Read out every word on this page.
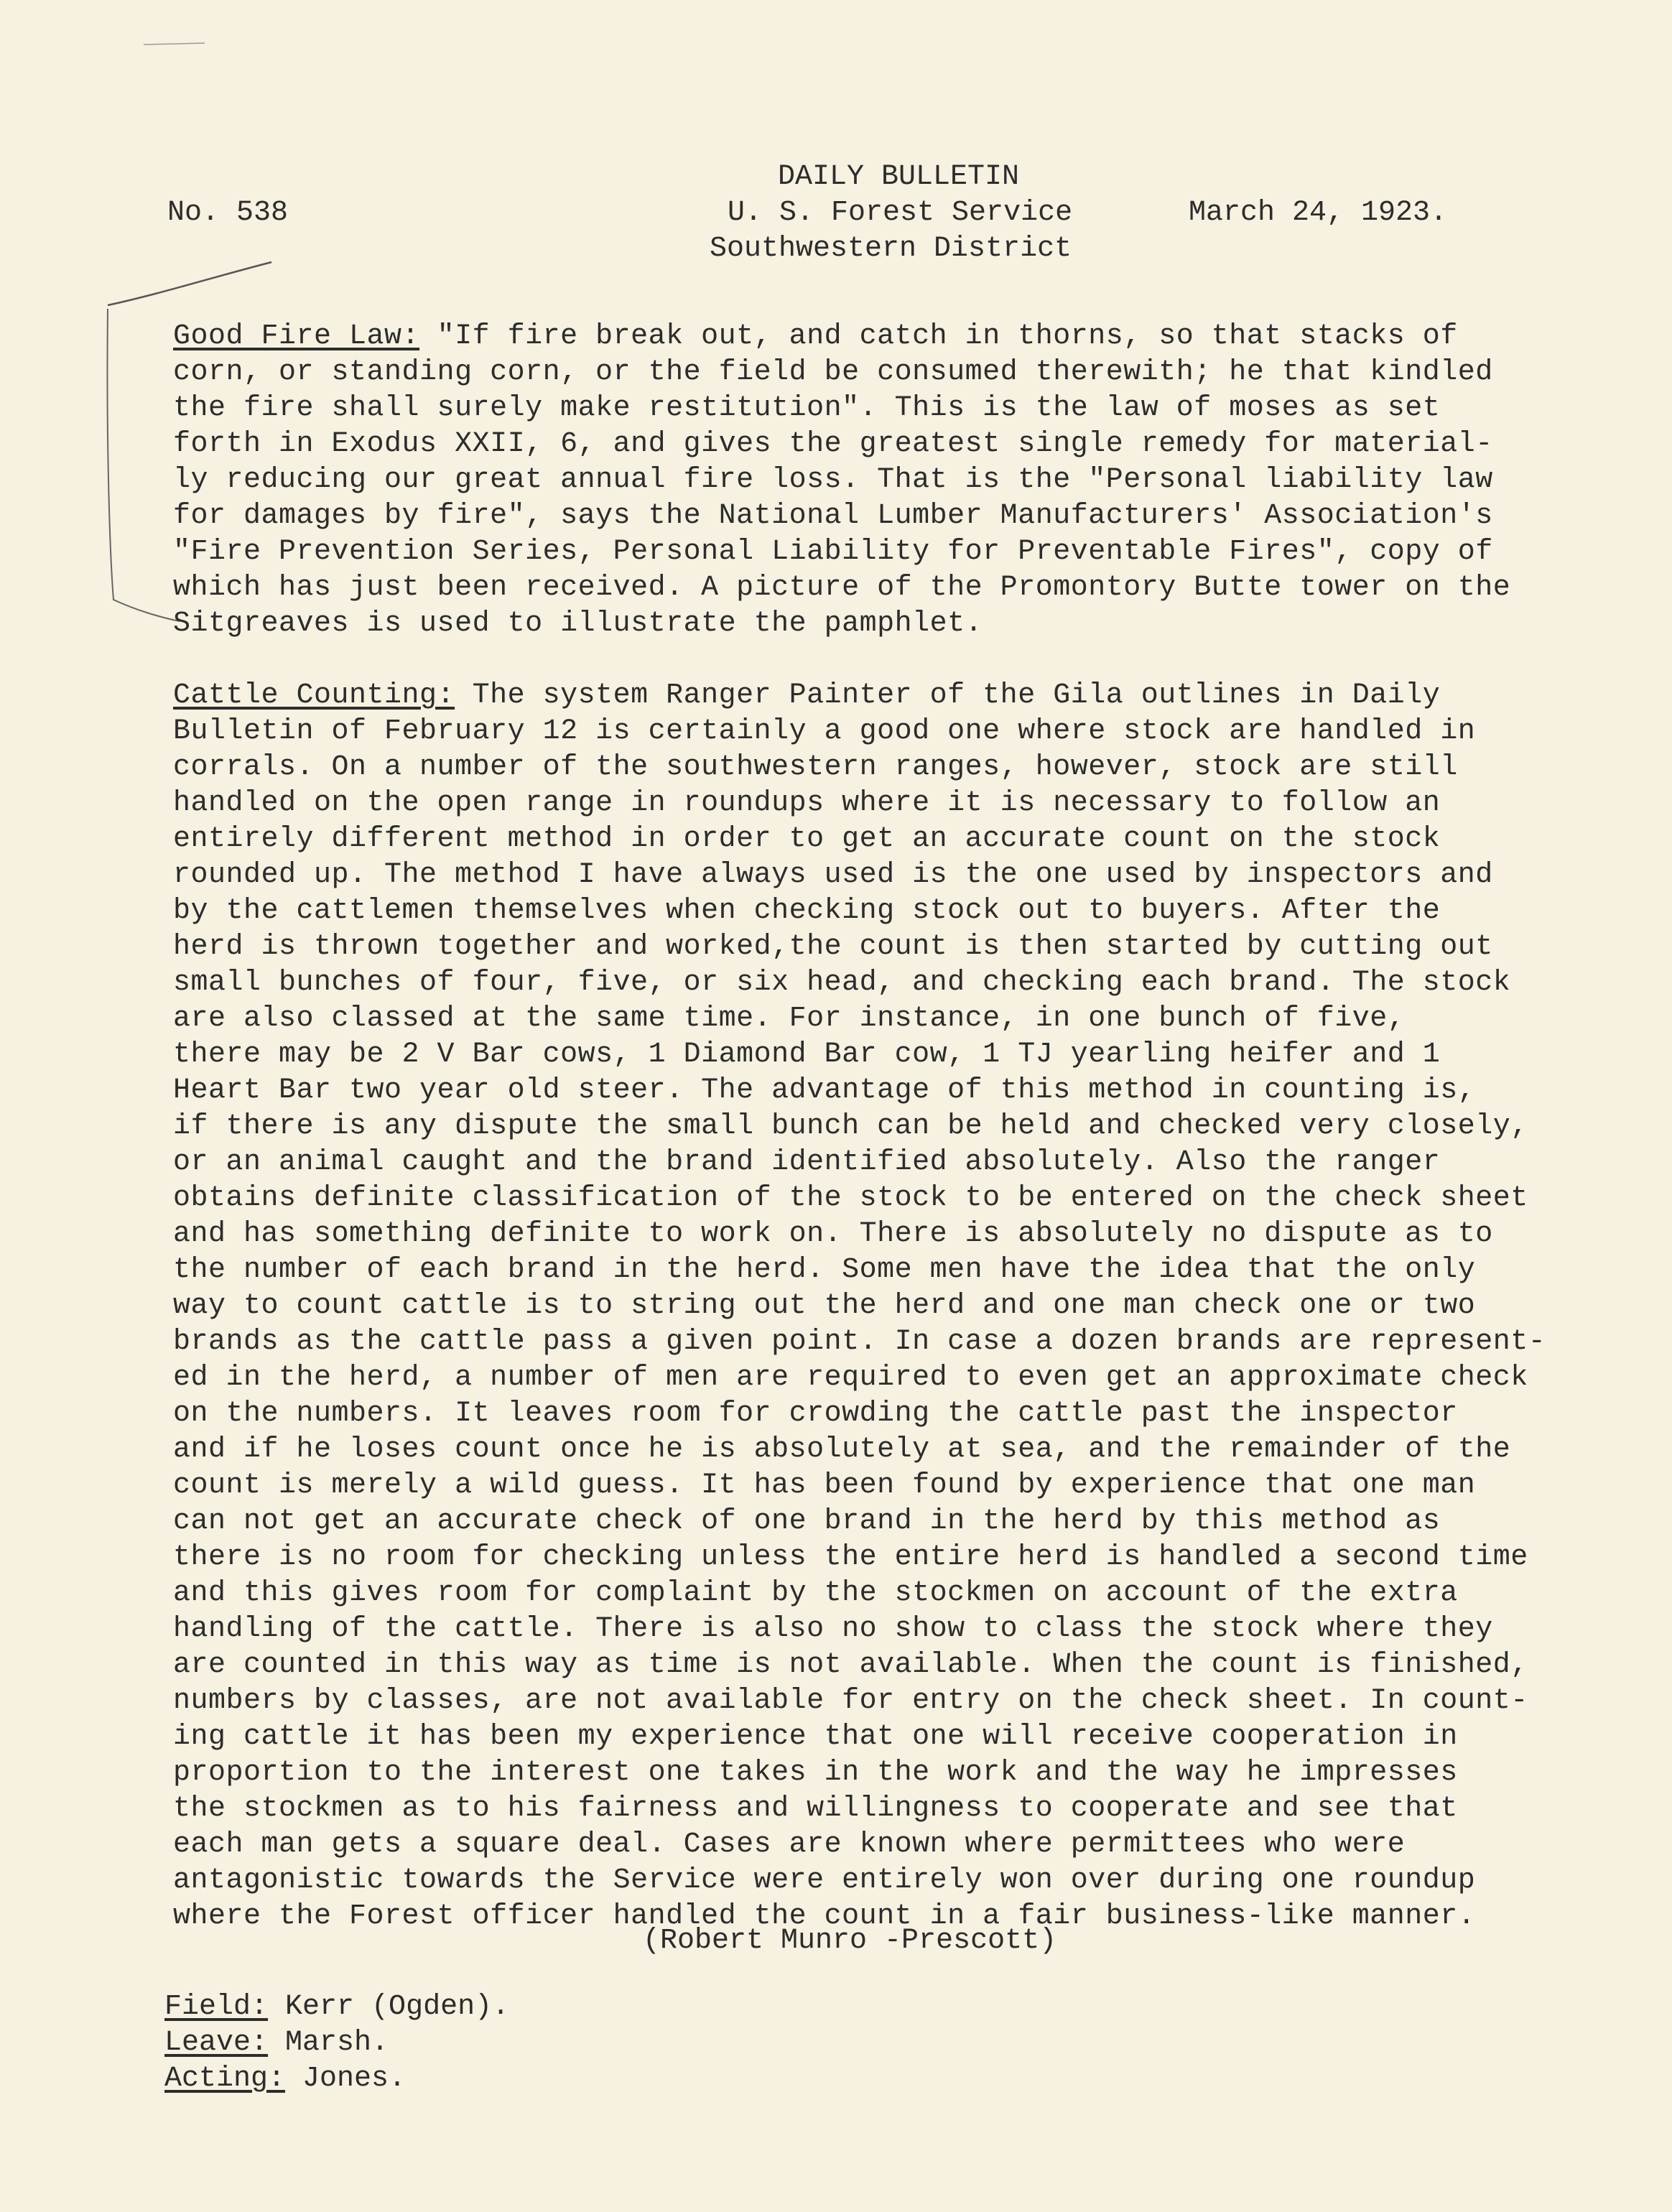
DAILY BULLETIN
No. 538	U. S. Forest Service	March 24, 1923.
Southwestern District
Good Fire Law: "If fire break out, and catch in thorns, so that stacks of
corn, or standing corn, or the field be consumed therewith; he that kindled
the fire shall surely make restitution". This is the law of moses as set
forth in Exodus XXII, 6, and gives the greatest single remedy for material-
ly reducing our great annual fire loss. That is the "Personal liability law
for damages by fire", says the National Lumber Manufacturers' Association's
"Fire Prevention Series, Personal Liability for Preventable Fires", copy of
which has just been received. A picture of the Promontory Butte tower on the
Sitgreaves is used to illustrate the pamphlet.
Cattle Counting: The system Ranger Painter of the Gila outlines in Daily
Bulletin of February 12 is certainly a good one where stock are handled in
corrals. On a number of the southwestern ranges, however, stock are still
handled on the open range in roundups where it is necessary to follow an
entirely different method in order to get an accurate count on the stock
rounded up. The method I have always used is the one used by inspectors and
by the cattlemen themselves when checking stock out to buyers. After the
herd is thrown together and worked,the count is then started by cutting out
small bunches of four, five, or six head, and checking each brand. The stock
are also classed at the same time. For instance, in one bunch of five,
there may be 2 V Bar cows, 1 Diamond Bar cow, 1 TJ yearling heifer and 1
Heart Bar two year old steer. The advantage of this method in counting is,
if there is any dispute the small bunch can be held and checked very closely,
or an animal caught and the brand identified absolutely. Also the ranger
obtains definite classification of the stock to be entered on the check sheet
and has something definite to work on. There is absolutely no dispute as to
the number of each brand in the herd. Some men have the idea that the only
way to count cattle is to string out the herd and one man check one or two
brands as the cattle pass a given point. In case a dozen brands are represent-
ed in the herd, a number of men are required to even get an approximate check
on the numbers. It leaves room for crowding the cattle past the inspector
and if he loses count once he is absolutely at sea, and the remainder of the
count is merely a wild guess. It has been found by experience that one man
can not get an accurate check of one brand in the herd by this method as
there is no room for checking unless the entire herd is handled a second time
and this gives room for complaint by the stockmen on account of the extra
handling of the cattle. There is also no show to class the stock where they
are counted in this way as time is not available. When the count is finished,
numbers by classes, are not available for entry on the check sheet. In count-
ing cattle it has been my experience that one will receive cooperation in
proportion to the interest one takes in the work and the way he impresses
the stockmen as to his fairness and willingness to cooperate and see that
each man gets a square deal. Cases are known where permittees who were
antagonistic towards the Service were entirely won over during one roundup
where the Forest officer handled the count in a fair business-like manner.
(Robert Munro -Prescott)
Field: Kerr (Ogden).
Leave: Marsh.
Acting: Jones.
